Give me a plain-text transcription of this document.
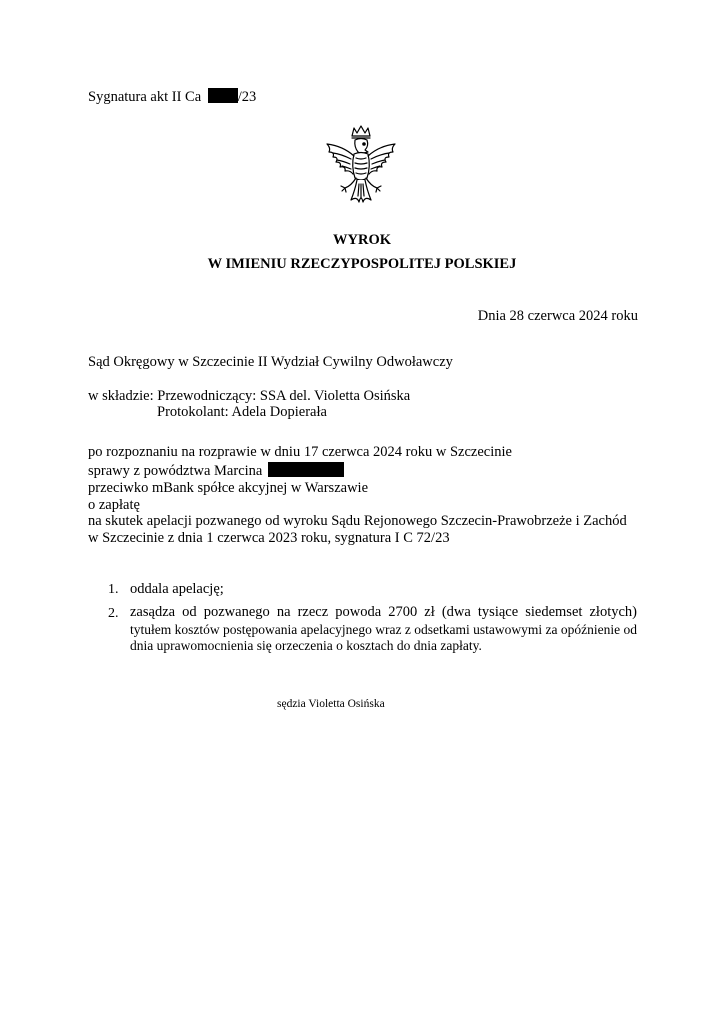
Sygnatura akt II Ca	/23
WYROK
W IMIENIU RZECZYPOSPOLITEJ POLSKIEJ
Dnia 28 czerwca 2024 roku
Sąd Okręgowy w Szczecinie II Wydział Cywilny Odwoławczy
w składzie: Przewodniczący: SSA del. Violetta Osińska
Protokolant: Adela Dopierała
po rozpoznaniu na rozprawie w dniu 17 czerwca 2024 roku w Szczecinie
sprawy z powództwa Marcina
przeciwko mBank spółce akcyjnej w Warszawie
o zapłatę
na skutek apelacji pozwanego od wyroku Sądu Rejonowego Szczecin-Prawobrzeże i Zachód
w Szczecinie z dnia 1 czerwca 2023 roku, sygnatura I C 72/23
1. oddala apelację;
2. zasądza od pozwanego na rzecz powoda 2700 zł (dwa tysiące siedemset złotych)
tytułem kosztów postępowania apelacyjnego wraz z odsetkami ustawowymi za opóźnienie od
dnia uprawomocnienia się orzeczenia o kosztach do dnia zapłaty.
sędzia Violetta Osińska
